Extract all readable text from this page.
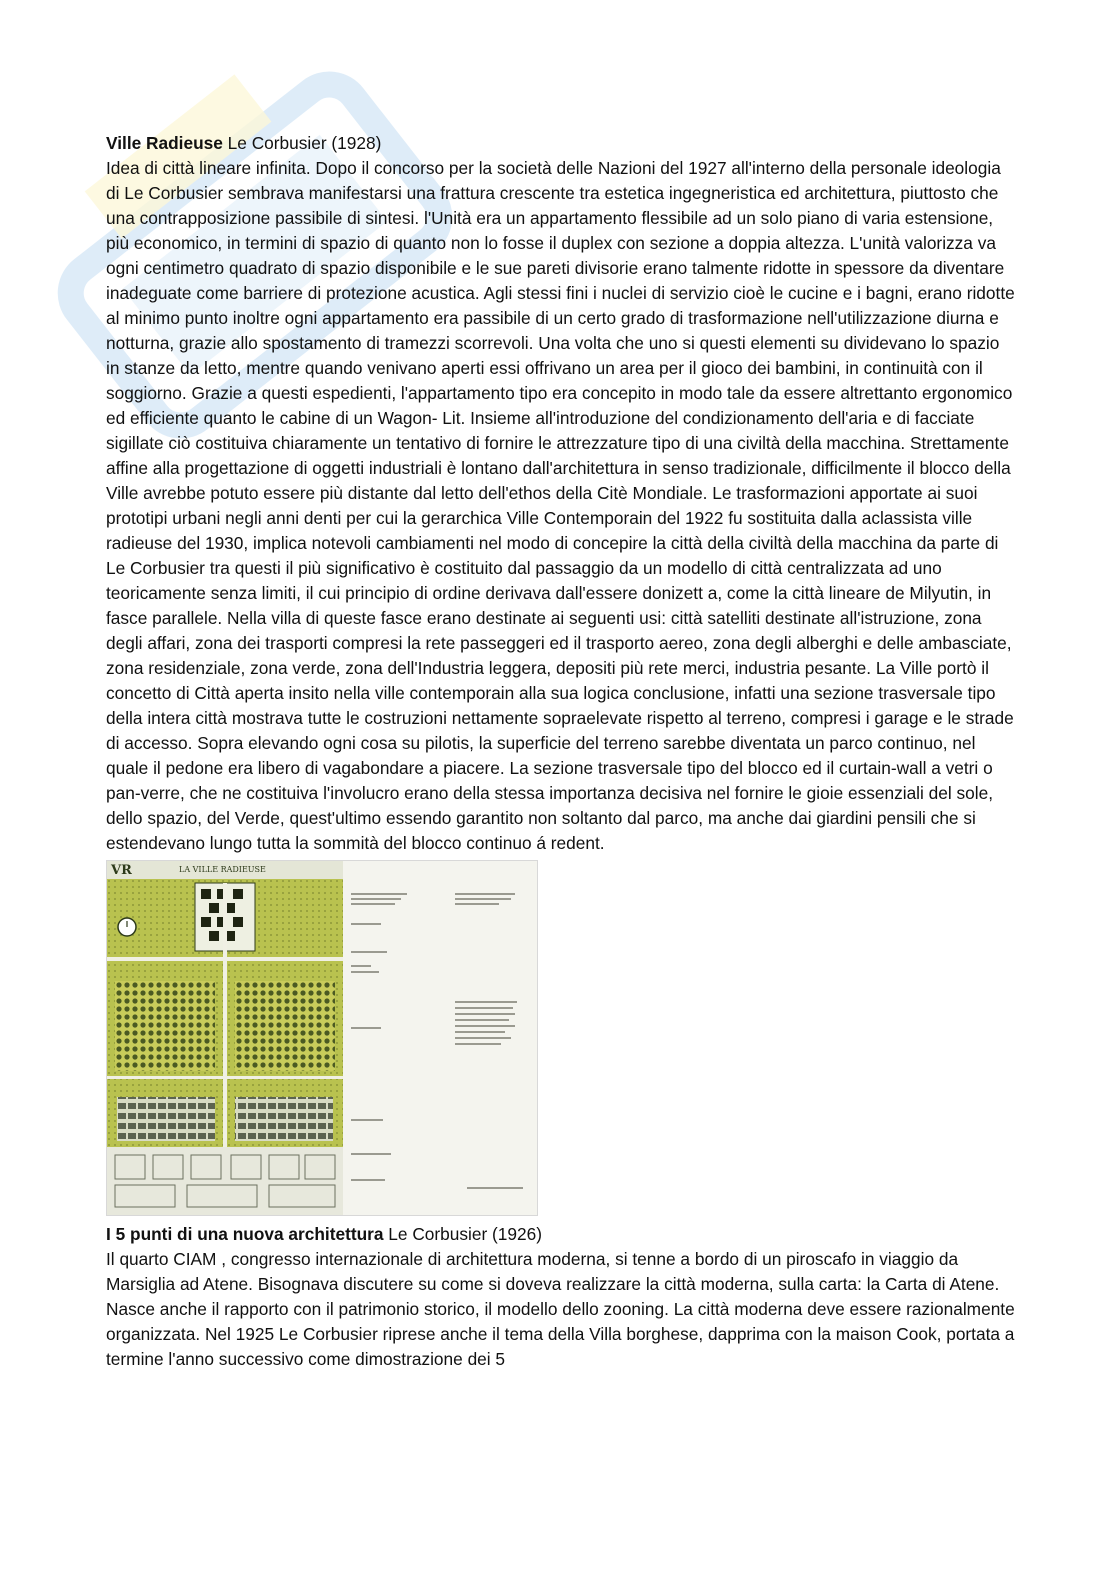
Ville Radieuse Le Corbusier (1928)

Idea di città lineare infinita. Dopo il concorso per la società delle Nazioni del 1927 all'interno della personale ideologia di Le Corbusier sembrava manifestarsi una frattura crescente tra estetica ingegneristica ed architettura, piuttosto che una contrapposizione passibile di sintesi. l'Unità era un appartamento flessibile ad un solo piano di varia estensione, più economico, in termini di spazio di quanto non lo fosse il duplex con sezione a doppia altezza. L'unità valorizza va ogni centimetro quadrato di spazio disponibile e le sue pareti divisorie erano talmente ridotte in spessore da diventare inadeguate come barriere di protezione acustica. Agli stessi fini i nuclei di servizio cioè le cucine e i bagni, erano ridotte al minimo punto inoltre ogni appartamento era passibile di un certo grado di trasformazione nell'utilizzazione diurna e notturna, grazie allo spostamento di tramezzi scorrevoli. Una volta che uno si questi elementi su dividevano lo spazio in stanze da letto, mentre quando venivano aperti essi offrivano un area per il gioco dei bambini, in continuità con il soggiorno. Grazie a questi espedienti, l'appartamento tipo era concepito in modo tale da essere altrettanto ergonomico ed efficiente quanto le cabine di un Wagon- Lit. Insieme all'introduzione del condizionamento dell'aria e di facciate sigillate ciò costituiva chiaramente un tentativo di fornire le attrezzature tipo di una civiltà della macchina. Strettamente affine alla progettazione di oggetti industriali è lontano dall'architettura in senso tradizionale, difficilmente il blocco della Ville avrebbe potuto essere più distante dal letto dell'ethos della Citè Mondiale. Le trasformazioni apportate ai suoi prototipi urbani negli anni denti per cui la gerarchica Ville Contemporain del 1922 fu sostituita dalla aclassista ville radieuse del 1930, implica notevoli cambiamenti nel modo di concepire la città della civiltà della macchina da parte di Le Corbusier tra questi il più significativo è costituito dal passaggio da un modello di città centralizzata ad uno teoricamente senza limiti, il cui principio di ordine derivava dall'essere donizett a, come la città lineare de Milyutin, in fasce parallele. Nella villa di queste fasce erano destinate ai seguenti usi: città satelliti destinate all'istruzione, zona degli affari, zona dei trasporti compresi la rete passeggeri ed il trasporto aereo, zona degli alberghi e delle ambasciate, zona residenziale, zona verde, zona dell'Industria leggera, depositi più rete merci, industria pesante. La Ville portò il concetto di Città aperta insito nella ville contemporain alla sua logica conclusione, infatti una sezione trasversale tipo della intera città mostrava tutte le costruzioni nettamente sopraelevate rispetto al terreno, compresi i garage e le strade di accesso. Sopra elevando ogni cosa su pilotis, la superficie del terreno sarebbe diventata un parco continuo, nel quale il pedone era libero di vagabondare a piacere. La sezione trasversale tipo del blocco ed il curtain-wall a vetri o pan-verre, che ne costituiva l'involucro erano della stessa importanza decisiva nel fornire le gioie essenziali del sole, dello spazio, del Verde, quest'ultimo essendo garantito non soltanto dal parco, ma anche dai giardini pensili che si estendevano lungo tutta la sommità del blocco continuo á redent.

VR	LA VILLE RADIEUSE

I 5 punti di una nuova architettura Le Corbusier (1926)

Il quarto CIAM , congresso internazionale di architettura moderna, si tenne a bordo di un piroscafo in viaggio da Marsiglia ad Atene. Bisognava discutere su come si doveva realizzare la città moderna, sulla carta: la Carta di Atene. Nasce anche il rapporto con il patrimonio storico, il modello dello zooning. La città moderna deve essere razionalmente organizzata. Nel 1925 Le Corbusier riprese anche il tema della Villa borghese, dapprima con la maison Cook, portata a termine l'anno successivo come dimostrazione dei 5
